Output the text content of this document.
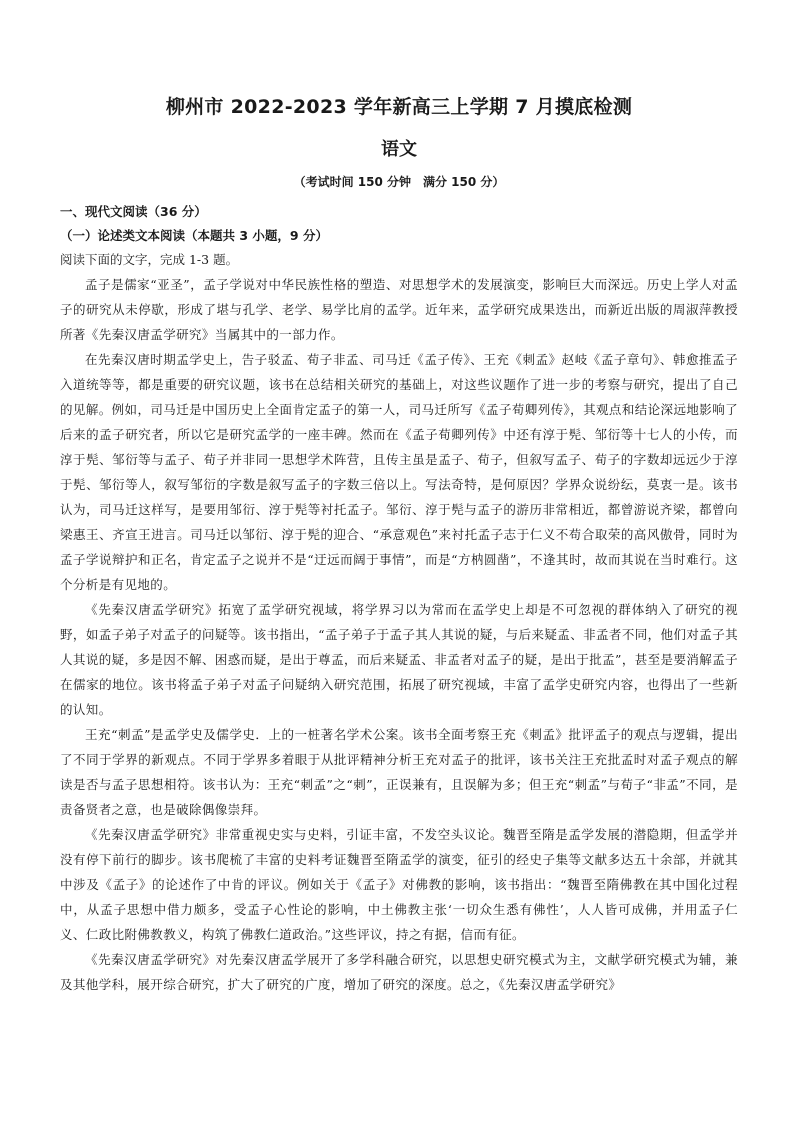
柳州市 2022-2023 学年新高三上学期 7 月摸底检测
语文
（考试时间 150 分钟　满分 150 分）
一、现代文阅读（36 分）
（一）论述类文本阅读（本题共 3 小题，9 分）
阅读下面的文字，完成 1-3 题。

孟子是儒家“亚圣”，孟子学说对中华民族性格的塑造、对思想学术的发展演变，影响巨大而深远。历史上学人对孟子的研究从未停歇，形成了堪与孔学、老学、易学比肩的孟学。近年来，孟学研究成果迭出，而新近出版的周淑萍教授所著《先秦汉唐孟学研究》当属其中的一部力作。

在先秦汉唐时期孟学史上，告子驳孟、荀子非孟、司马迁《孟子传》、王充《刺孟》赵岐《孟子章句》、韩愈推孟子入道统等等，都是重要的研究议题，该书在总结相关研究的基础上，对这些议题作了进一步的考察与研究，提出了自己的见解。例如，司马迁是中国历史上全面肯定孟子的第一人，司马迁所写《孟子荀卿列传》，其观点和结论深远地影响了后来的孟子研究者，所以它是研究孟学的一座丰碑。然而在《孟子荀卿列传》中还有淳于髡、邹衍等十七人的小传，而淳于髡、邹衍等与孟子、荀子并非同一思想学术阵营，且传主虽是孟子、荀子，但叙写孟子、荀子的字数却远远少于淳于髡、邹衍等人，叙写邹衍的字数是叙写孟子的字数三倍以上。写法奇特，是何原因？学界众说纷纭，莫衷一是。该书认为，司马迁这样写，是要用邹衍、淳于髡等衬托孟子。邹衍、淳于髡与孟子的游历非常相近，都曾游说齐梁，都曾向梁惠王、齐宣王进言。司马迁以邹衍、淳于髡的迎合、“承意观色”来衬托孟子志于仁义不苟合取荣的高风傲骨，同时为孟子学说辩护和正名，肯定孟子之说并不是“迂远而阔于事情”，而是“方枘圆凿”，不逢其时，故而其说在当时难行。这个分析是有见地的。

《先秦汉唐孟学研究》拓宽了孟学研究视域，将学界习以为常而在孟学史上却是不可忽视的群体纳入了研究的视野，如孟子弟子对孟子的问疑等。该书指出，“孟子弟子于孟子其人其说的疑，与后来疑孟、非孟者不同，他们对孟子其人其说的疑，多是因不解、困惑而疑，是出于尊孟，而后来疑孟、非孟者对孟子的疑，是出于批孟”，甚至是要消解孟子在儒家的地位。该书将孟子弟子对孟子问疑纳入研究范围，拓展了研究视域，丰富了孟学史研究内容，也得出了一些新的认知。

王充“刺孟”是孟学史及儒学史．上的一桩著名学术公案。该书全面考察王充《刺孟》批评孟子的观点与逻辑，提出了不同于学界的新观点。不同于学界多着眼于从批评精神分析王充对孟子的批评，该书关注王充批孟时对孟子观点的解读是否与孟子思想相符。该书认为：王充“刺孟”之“刺”，正误兼有，且误解为多；但王充“刺孟”与荀子“非孟”不同，是责备贤者之意，也是破除偶像崇拜。

《先秦汉唐孟学研究》非常重视史实与史料，引证丰富，不发空头议论。魏晋至隋是孟学发展的潜隐期，但孟学并没有停下前行的脚步。该书爬梳了丰富的史料考证魏晋至隋孟学的演变，征引的经史子集等文献多达五十余部，并就其中涉及《孟子》的论述作了中肯的评议。例如关于《孟子》对佛教的影响，该书指出：“魏晋至隋佛教在其中国化过程中，从孟子思想中借力颇多，受孟子心性论的影响，中土佛教主张‘一切众生悉有佛性’，人人皆可成佛，并用孟子仁义、仁政比附佛教教义，构筑了佛教仁道政治。”这些评议，持之有据，信而有征。

《先秦汉唐孟学研究》对先秦汉唐孟学展开了多学科融合研究，以思想史研究模式为主，文献学研究模式为辅，兼及其他学科，展开综合研究，扩大了研究的广度，增加了研究的深度。总之，《先秦汉唐孟学研究》
